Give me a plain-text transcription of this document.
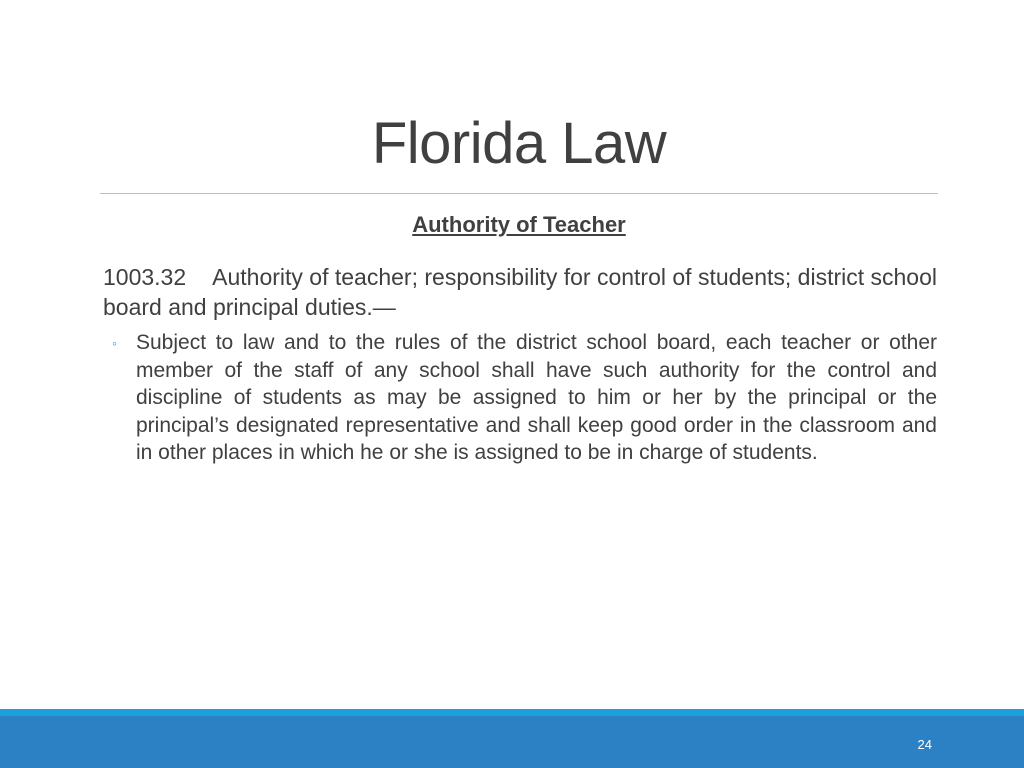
Florida Law
Authority of Teacher
1003.32 Authority of teacher; responsibility for control of students; district school board and principal duties.—
◦ Subject to law and to the rules of the district school board, each teacher or other member of the staff of any school shall have such authority for the control and discipline of students as may be assigned to him or her by the principal or the principal’s designated representative and shall keep good order in the classroom and in other places in which he or she is assigned to be in charge of students.
24
